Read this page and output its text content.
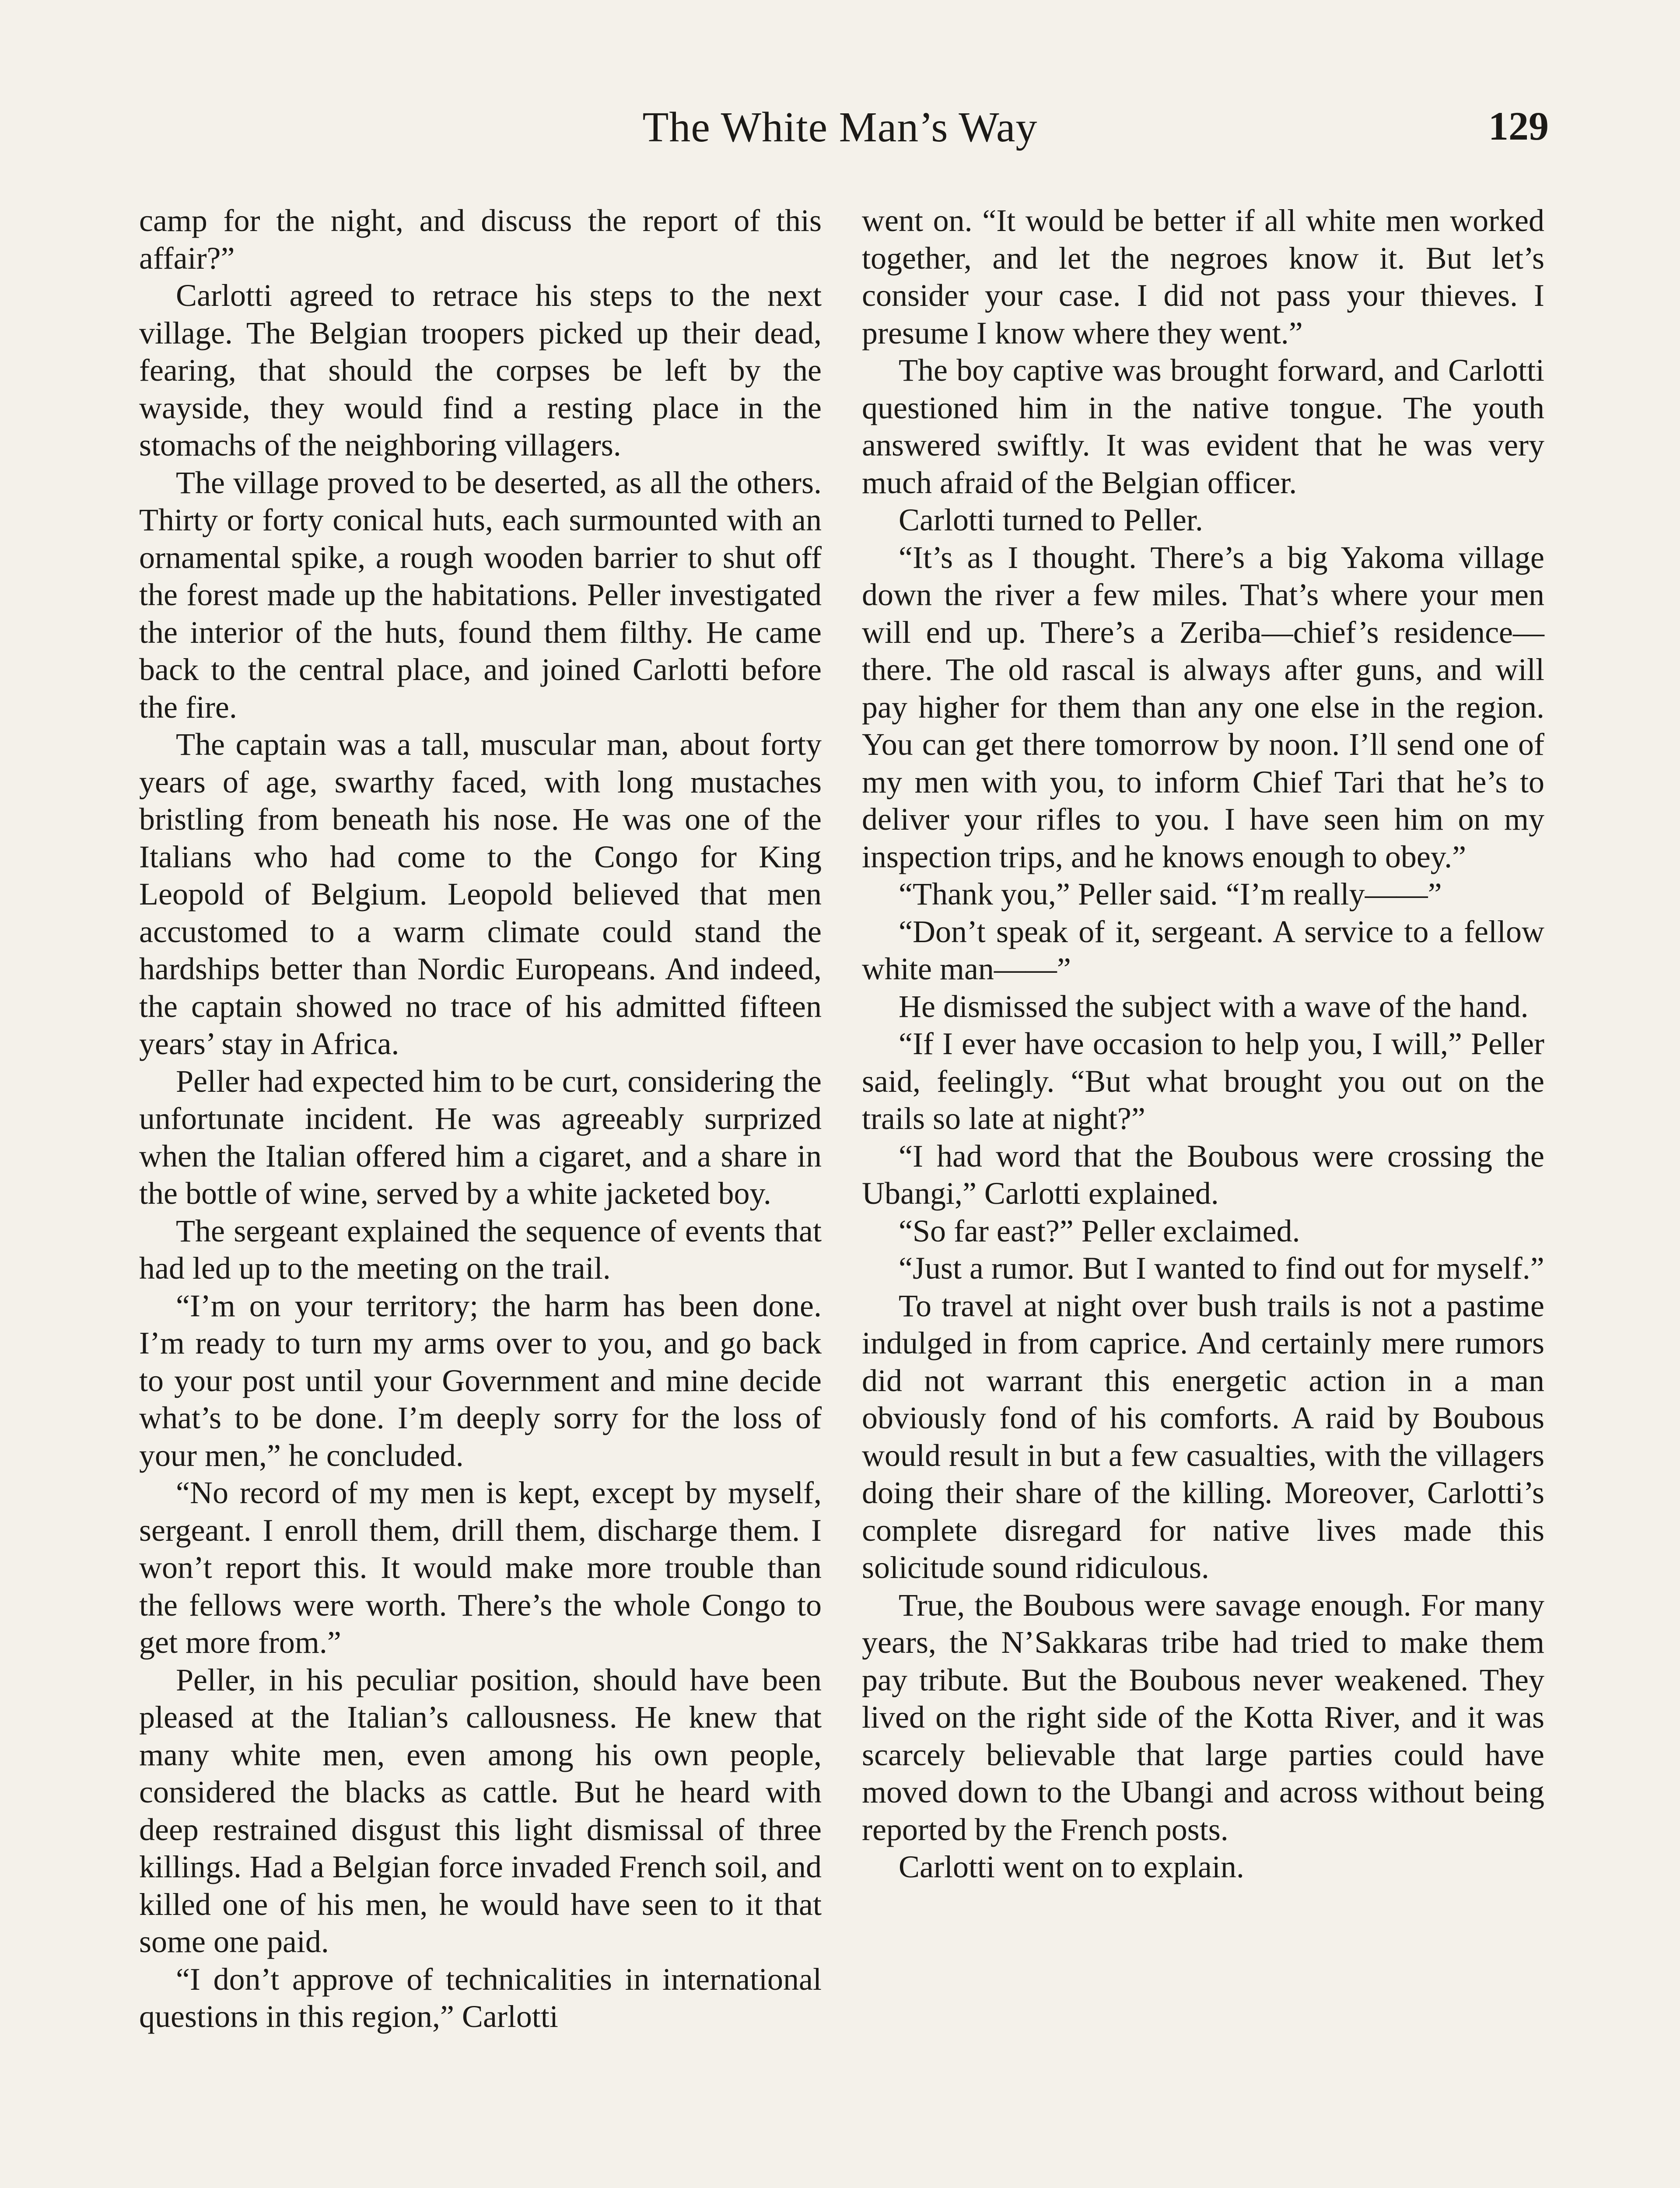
The White Man’s Way	129

camp for the night, and discuss the report of this affair?”

Carlotti agreed to retrace his steps to the next village. The Belgian troopers picked up their dead, fearing, that should the corpses be left by the wayside, they would find a resting place in the stomachs of the neighboring villagers.

The village proved to be deserted, as all the others. Thirty or forty conical huts, each surmounted with an ornamental spike, a rough wooden barrier to shut off the forest made up the habitations. Peller investigated the interior of the huts, found them filthy. He came back to the central place, and joined Carlotti before the fire.

The captain was a tall, muscular man, about forty years of age, swarthy faced, with long mustaches bristling from beneath his nose. He was one of the Italians who had come to the Congo for King Leopold of Belgium. Leopold believed that men accustomed to a warm climate could stand the hardships better than Nordic Europeans. And indeed, the captain showed no trace of his admitted fifteen years’ stay in Africa.

Peller had expected him to be curt, considering the unfortunate incident. He was agreeably surprized when the Italian offered him a cigaret, and a share in the bottle of wine, served by a white jacketed boy.

The sergeant explained the sequence of events that had led up to the meeting on the trail.

“I’m on your territory; the harm has been done. I’m ready to turn my arms over to you, and go back to your post until your Government and mine decide what’s to be done. I’m deeply sorry for the loss of your men,” he concluded.

“No record of my men is kept, except by myself, sergeant. I enroll them, drill them, discharge them. I won’t report this. It would make more trouble than the fellows were worth. There’s the whole Congo to get more from.”

Peller, in his peculiar position, should have been pleased at the Italian’s callousness. He knew that many white men, even among his own people, considered the blacks as cattle. But he heard with deep restrained disgust this light dismissal of three killings. Had a Belgian force invaded French soil, and killed one of his men, he would have seen to it that some one paid.

“I don’t approve of technicalities in international questions in this region,” Carlotti

went on. “It would be better if all white men worked together, and let the negroes know it. But let’s consider your case. I did not pass your thieves. I presume I know where they went.”

The boy captive was brought forward, and Carlotti questioned him in the native tongue. The youth answered swiftly. It was evident that he was very much afraid of the Belgian officer.

Carlotti turned to Peller.

“It’s as I thought. There’s a big Yakoma village down the river a few miles. That’s where your men will end up. There’s a Zeriba—chief’s residence—there. The old rascal is always after guns, and will pay higher for them than any one else in the region. You can get there tomorrow by noon. I’ll send one of my men with you, to inform Chief Tari that he’s to deliver your rifles to you. I have seen him on my inspection trips, and he knows enough to obey.”

“Thank you,” Peller said. “I’m really——”

“Don’t speak of it, sergeant. A service to a fellow white man——”

He dismissed the subject with a wave of the hand.

“If I ever have occasion to help you, I will,” Peller said, feelingly. “But what brought you out on the trails so late at night?”

“I had word that the Boubous were crossing the Ubangi,” Carlotti explained.

“So far east?” Peller exclaimed.

“Just a rumor. But I wanted to find out for myself.”

To travel at night over bush trails is not a pastime indulged in from caprice. And certainly mere rumors did not warrant this energetic action in a man obviously fond of his comforts. A raid by Boubous would result in but a few casualties, with the villagers doing their share of the killing. Moreover, Carlotti’s complete disregard for native lives made this solicitude sound ridiculous.

True, the Boubous were savage enough. For many years, the N’Sakkaras tribe had tried to make them pay tribute. But the Boubous never weakened. They lived on the right side of the Kotta River, and it was scarcely believable that large parties could have moved down to the Ubangi and across without being reported by the French posts.

Carlotti went on to explain.
